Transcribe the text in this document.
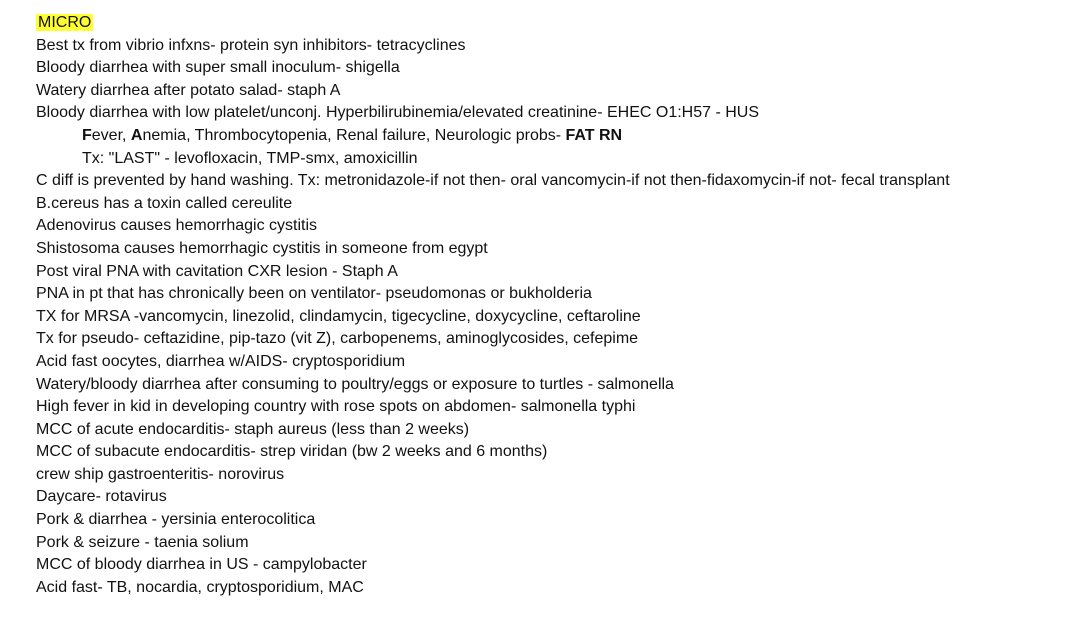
MICRO
Best tx from vibrio infxns- protein syn inhibitors- tetracyclines
Bloody diarrhea with super small inoculum- shigella
Watery diarrhea after potato salad- staph A
Bloody diarrhea with low platelet/unconj. Hyperbilirubinemia/elevated creatinine- EHEC O1:H57 - HUS
Fever, Anemia, Thrombocytopenia, Renal failure, Neurologic probs- FAT RN
Tx: "LAST" - levofloxacin, TMP-smx, amoxicillin
C diff is prevented by hand washing. Tx: metronidazole-if not then- oral vancomycin-if not then-fidaxomycin-if not- fecal transplant
B.cereus has a toxin called cereulite
Adenovirus causes hemorrhagic cystitis
Shistosoma causes hemorrhagic cystitis in someone from egypt
Post viral PNA with cavitation CXR lesion - Staph A
PNA in pt that has chronically been on ventilator- pseudomonas or bukholderia
TX for MRSA -vancomycin, linezolid, clindamycin, tigecycline, doxycycline, ceftaroline
Tx for pseudo- ceftazidine, pip-tazo (vit Z), carbopenems, aminoglycosides, cefepime
Acid fast oocytes, diarrhea w/AIDS- cryptosporidium
Watery/bloody diarrhea after consuming to poultry/eggs or exposure to turtles - salmonella
High fever in kid in developing country with rose spots on abdomen- salmonella typhi
MCC of acute endocarditis- staph aureus (less than 2 weeks)
MCC of subacute endocarditis- strep viridan (bw 2 weeks and 6 months)
crew ship gastroenteritis- norovirus
Daycare- rotavirus
Pork & diarrhea - yersinia enterocolitica
Pork & seizure - taenia solium
MCC of bloody diarrhea in US - campylobacter
Acid fast- TB, nocardia, cryptosporidium, MAC
